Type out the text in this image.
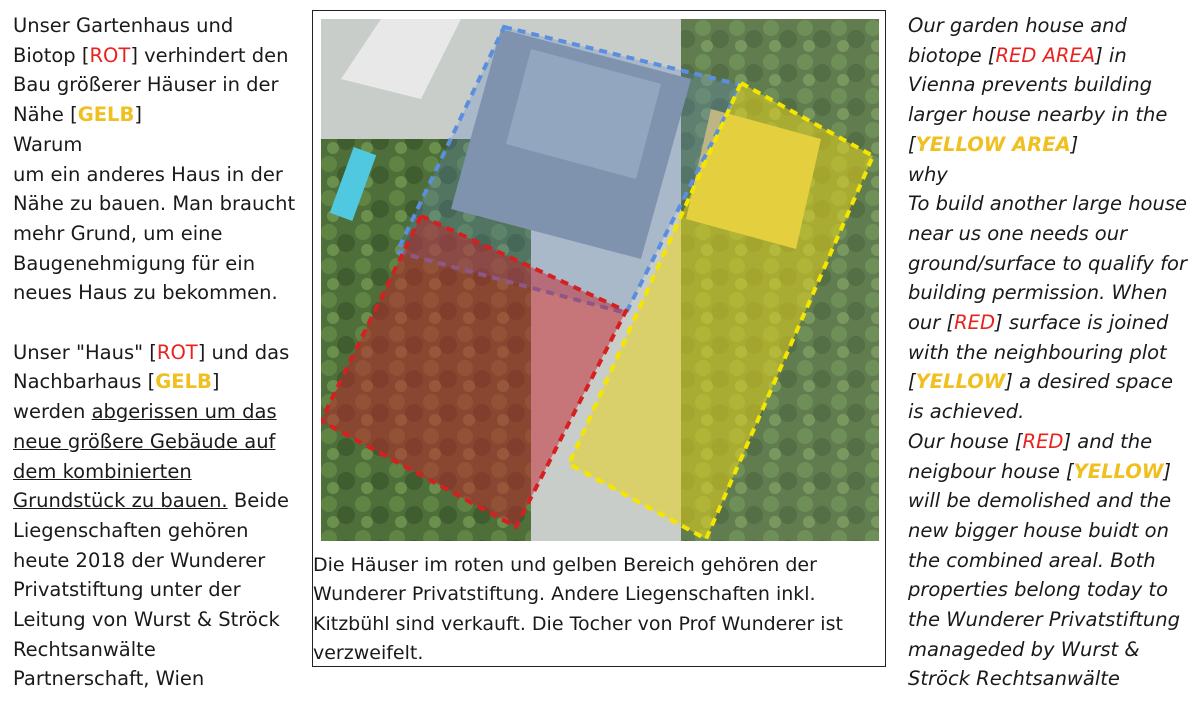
Unser Gartenhaus und Biotop [ROT] verhindert den Bau größerer Häuser in der Nähe [GELB]
Warum
um ein anderes Haus in der Nähe zu bauen. Man braucht mehr Grund, um eine Baugenehmigung für ein neues Haus zu bekommen.
Unser "Haus" [ROT] und das Nachbarhaus [GELB] werden abgerissen um das neue größere Gebäude auf dem kombinierten Grundstück zu bauen. Beide Liegenschaften gehören heute 2018 der Wunderer Privatstiftung unter der Leitung von Wurst & Ströck Rechtsanwälte Partnerschaft, Wien
Die Häuser im roten und gelben Bereich gehören der Wunderer Privatstiftung. Andere Liegenschaften inkl. Kitzbühl sind verkauft. Die Tocher von Prof Wunderer ist verzweifelt.
Our garden house and biotope [RED AREA] in Vienna prevents building larger house nearby in the [YELLOW AREA]
why
To build another large house near us one needs our ground/surface to qualify for building permission. When our [RED] surface is joined with the neighbouring plot [YELLOW] a desired space is achieved.
Our house [RED] and the neigbour house [YELLOW] will be demolished and the new bigger house buidt on the combined areal. Both properties belong today to the Wunderer Privatstiftung manageded by Wurst & Ströck Rechtsanwälte
